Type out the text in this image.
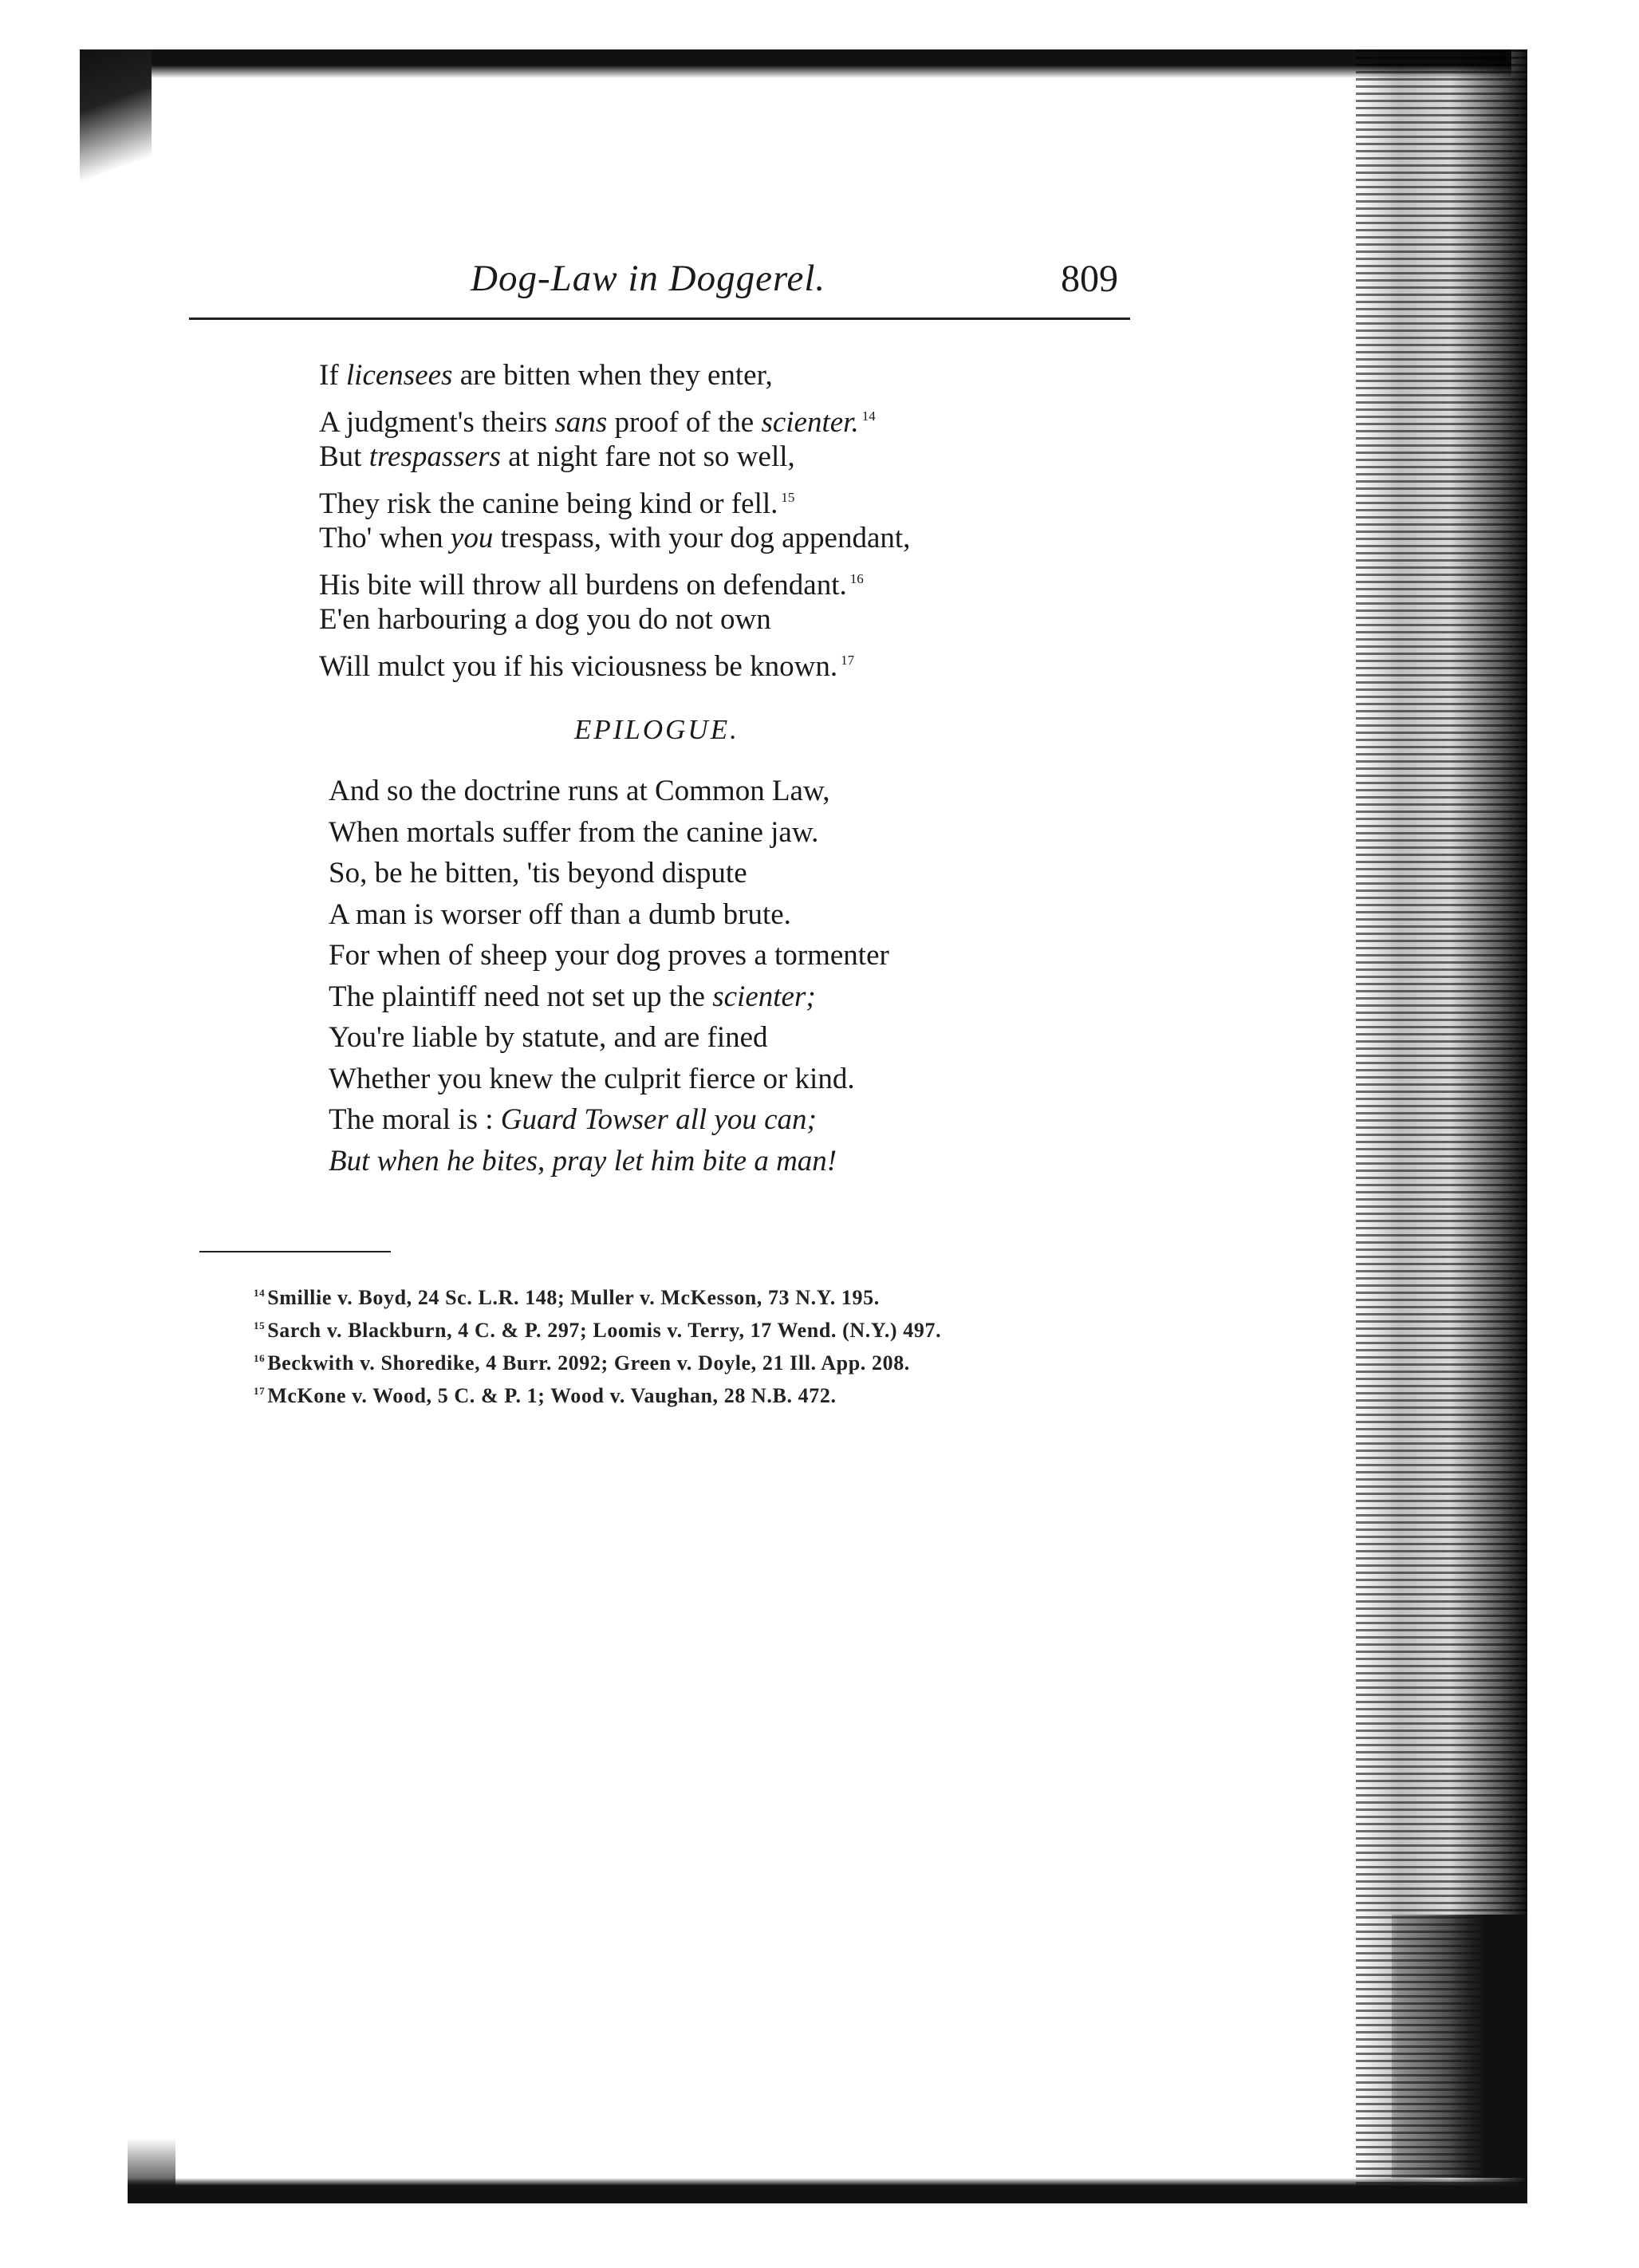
Dog-Law in Doggerel.	809
If licensees are bitten when they enter,
A judgment's theirs sans proof of the scienter. $^{14}$
But trespassers at night fare not so well,
They risk the canine being kind or fell. $^{15}$
Tho' when you trespass, with your dog appendant,
His bite will throw all burdens on defendant. $^{16}$
E'en harbouring a dog you do not own
Will mulct you if his viciousness be known. $^{17}$
EPILOGUE.
And so the doctrine runs at Common Law,
When mortals suffer from the canine jaw.
So, be he bitten, 'tis beyond dispute
A man is worser off than a dumb brute.
For when of sheep your dog proves a tormenter
The plaintiff need not set up the scienter;
You're liable by statute, and are fined
Whether you knew the culprit fierce or kind.
The moral is : Guard Towser all you can;
But when he bites, pray let him bite a man!
$^{14}$ Smillie v. Boyd, 24 Sc. L.R. 148; Muller v. McKesson, 73 N.Y. 195.
$^{15}$ Sarch v. Blackburn, 4 C. & P. 297; Loomis v. Terry, 17 Wend. (N.Y.) 497.
$^{16}$ Beckwith v. Shoredike, 4 Burr. 2092; Green v. Doyle, 21 Ill. App. 208.
$^{17}$ McKone v. Wood, 5 C. & P. 1; Wood v. Vaughan, 28 N.B. 472.
